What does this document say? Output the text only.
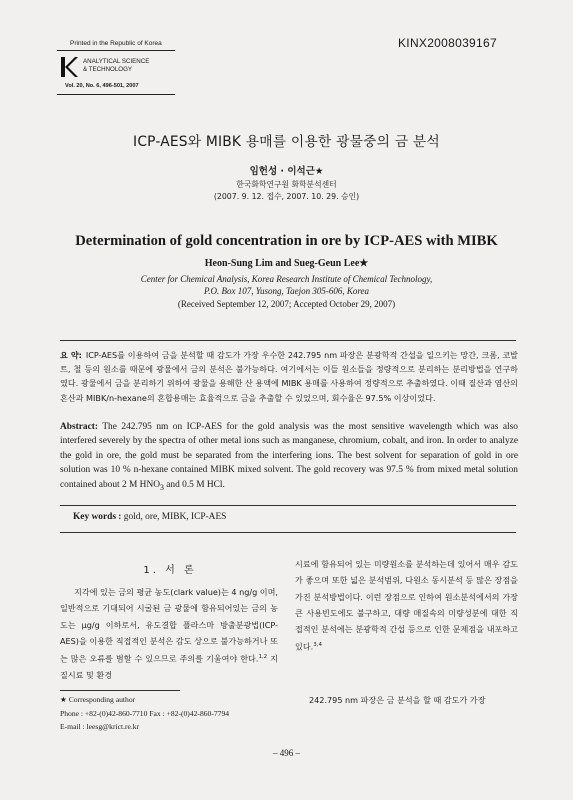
Printed in the Republic of Korea	KINX2008039167
ANALYTICAL SCIENCE
& TECHNOLOGY
Vol. 20, No. 6, 496-501, 2007
ICP-AES와 MIBK 용매를 이용한 광물중의 금 분석
임헌성 · 이석근★
한국화학연구원 화학분석센터
(2007. 9. 12. 접수, 2007. 10. 29. 승인)
Determination of gold concentration in ore by ICP-AES with MIBK
Heon-Sung Lim and Sueg-Geun Lee★
Center for Chemical Analysis, Korea Research Institute of Chemical Technology,
P.O. Box 107, Yusong, Taejon 305-606, Korea
(Received September 12, 2007; Accepted October 29, 2007)
요 약: ICP-AES를 이용하여 금을 분석할 때 감도가 가장 우수한 242.795 nm 파장은 분광학적 간섭을 일으키는 망간, 크롬, 코발트, 철 등의 원소를 때문에 광물에서 금의 분석은 불가능하다. 여기에서는 이들 원소들을 정량적으로 분리하는 분리방법을 연구하였다. 광물에서 금을 분리하기 위하여 광물을 용해한 산 용액에 MIBK 용매를 사용하여 정량적으로 추출하였다. 이때 질산과 염산의 혼산과 MIBK/n-hexane의 혼합용매는 효율적으로 금을 추출할 수 있었으며, 회수율은 97.5% 이상이었다.
Abstract: The 242.795 nm on ICP-AES for the gold analysis was the most sensitive wavelength which was also interfered severely by the spectra of other metal ions such as manganese, chromium, cobalt, and iron. In order to analyze the gold in ore, the gold must be separated from the interfering ions. The best solvent for separation of gold in ore solution was 10 % n-hexane contained MIBK mixed solvent. The gold recovery was 97.5 % from mixed metal solution contained about 2 M $HNO_3$ and 0.5 M HCl.
Key words : gold, ore, MIBK, ICP-AES
1. 서 론
지각에 있는 금의 평균 농도(clark value)는 4 ng/g 이며, 일반적으로 기대되어 시굴된 금 광물에 함유되어있는 금의 농도는 μg/g 이하로서, 유도결합 플라스마 방출분광법(ICP-AES)을 이용한 직접적인 분석은 감도 상으로 불가능하거나 또는 많은 오류를 범할 수 있으므로 주의를 기울여야 한다.$^{1,2}$ 지질시료 및 환경
시료에 함유되어 있는 미량원소를 분석하는데 있어서 매우 감도가 좋으며 또한 넓은 분석범위, 다원소 동시분석 등 많은 장점을 가진 분석방법이다. 이런 장점으로 인하여 원소분석에서의 가장 큰 사용빈도에도 불구하고, 대량 매질속의 미량성분에 대한 직접적인 분석에는 분광학적 간섭 등으로 인한 문제점을 내포하고 있다.$^{3,4}$
242.795 nm 파장은 금 분석을 할 때 감도가 가장
★ Corresponding author
Phone : +82-(0)42-860-7710 Fax : +82-(0)42-860-7794
E-mail : leesg@krict.re.kr
– 496 –
